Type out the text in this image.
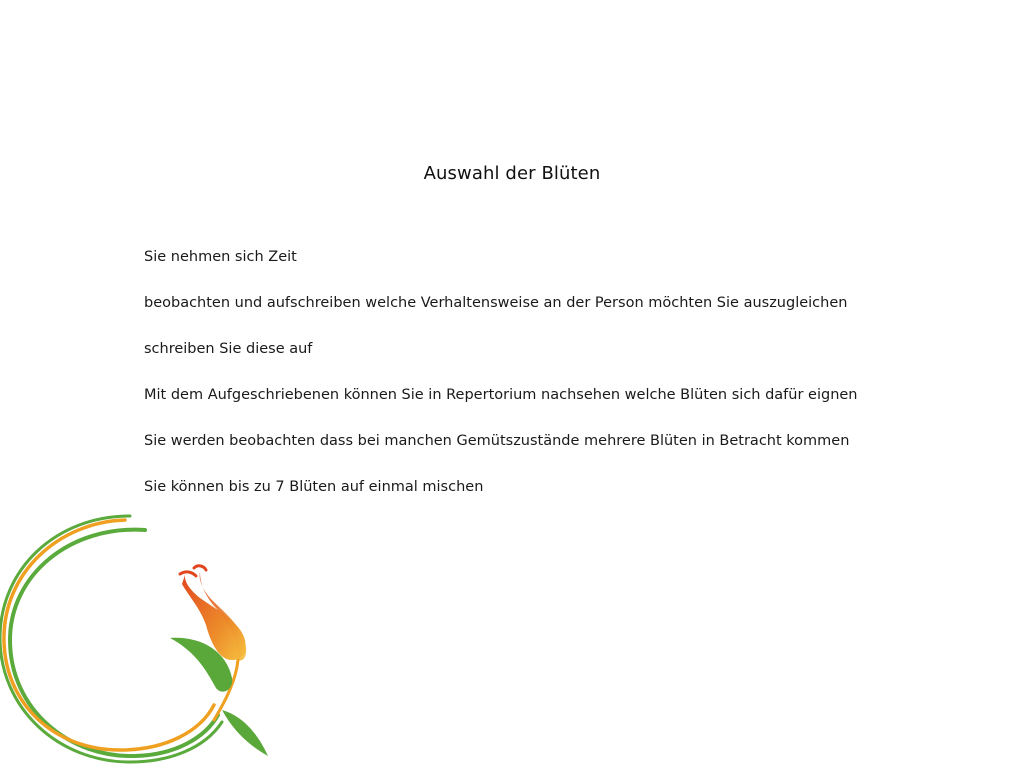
Auswahl der Blüten
Sie nehmen sich Zeit
beobachten und aufschreiben welche Verhaltensweise an der Person möchten Sie auszugleichen
schreiben Sie diese auf
Mit dem Aufgeschriebenen können Sie in Repertorium nachsehen welche Blüten sich dafür eignen
Sie werden beobachten dass bei manchen Gemütszustände mehrere Blüten in Betracht kommen
Sie können bis zu 7 Blüten auf einmal mischen
